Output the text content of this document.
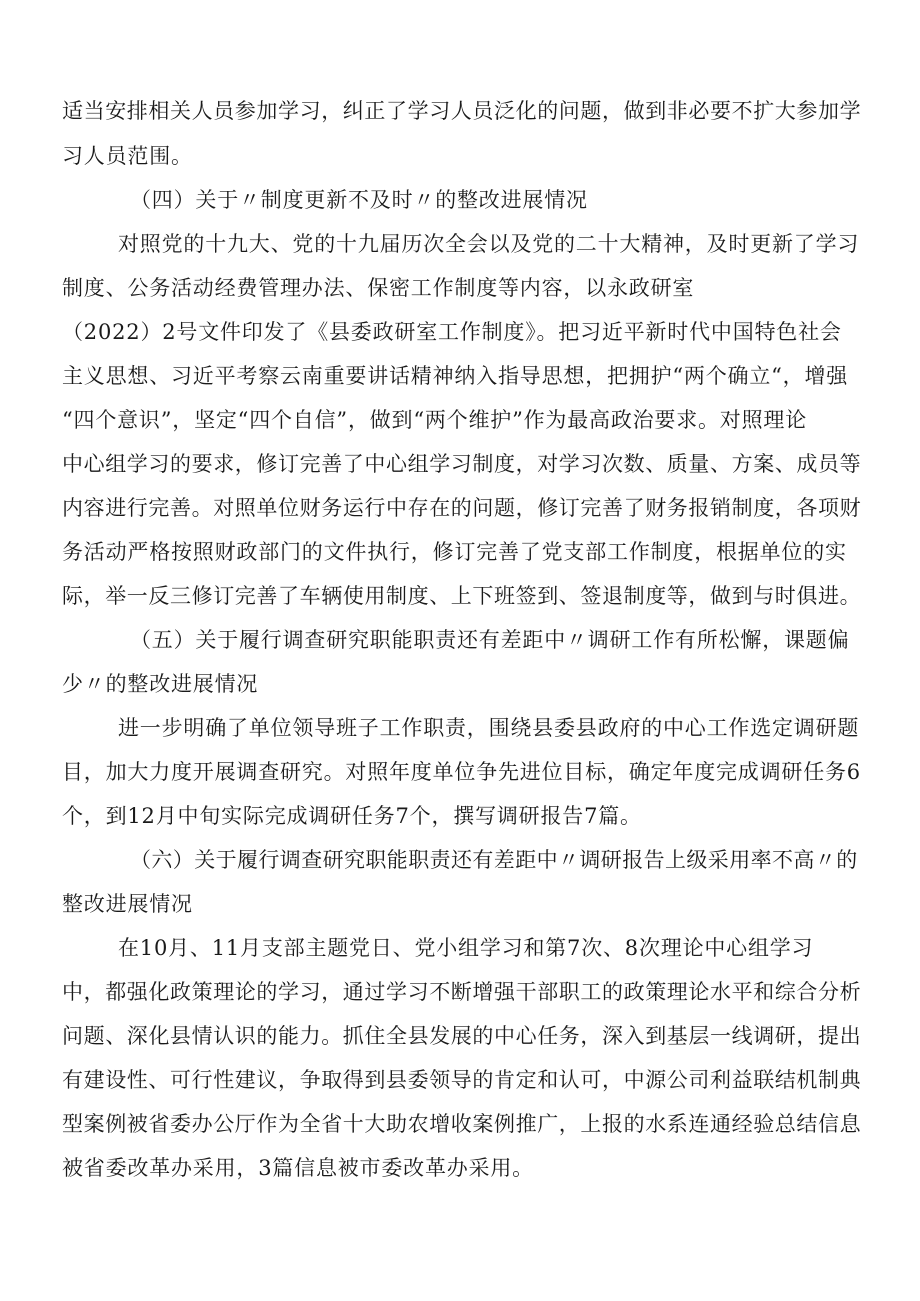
适当安排相关人员参加学习，纠正了学习人员泛化的问题，做到非必要不扩大参加学
习人员范围。
（四）关于〃制度更新不及时〃的整改进展情况
对照党的十九大、党的十九届历次全会以及党的二十大精神，及时更新了学习
制度、公务活动经费管理办法、保密工作制度等内容，以永政研室
（2022）2号文件印发了《县委政研室工作制度》。把习近平新时代中国特色社会
主义思想、习近平考察云南重要讲话精神纳入指导思想，把拥护“两个确立“，增强
“四个意识”，坚定“四个自信”，做到“两个维护”作为最高政治要求。对照理论
中心组学习的要求，修订完善了中心组学习制度，对学习次数、质量、方案、成员等
内容进行完善。对照单位财务运行中存在的问题，修订完善了财务报销制度，各项财
务活动严格按照财政部门的文件执行，修订完善了党支部工作制度，根据单位的实
际，举一反三修订完善了车辆使用制度、上下班签到、签退制度等，做到与时俱进。
（五）关于履行调查研究职能职责还有差距中〃调研工作有所松懈，课题偏
少〃的整改进展情况
进一步明确了单位领导班子工作职责，围绕县委县政府的中心工作选定调研题
目，加大力度开展调查研究。对照年度单位争先进位目标，确定年度完成调研任务6
个，到12月中旬实际完成调研任务7个，撰写调研报告7篇。
（六）关于履行调查研究职能职责还有差距中〃调研报告上级采用率不高〃的
整改进展情况
在10月、11月支部主题党日、党小组学习和第7次、8次理论中心组学习
中，都强化政策理论的学习，通过学习不断增强干部职工的政策理论水平和综合分析
问题、深化县情认识的能力。抓住全县发展的中心任务，深入到基层一线调研，提出
有建设性、可行性建议，争取得到县委领导的肯定和认可，中源公司利益联结机制典
型案例被省委办公厅作为全省十大助农增收案例推广，上报的水系连通经验总结信息
被省委改革办采用，3篇信息被市委改革办采用。
